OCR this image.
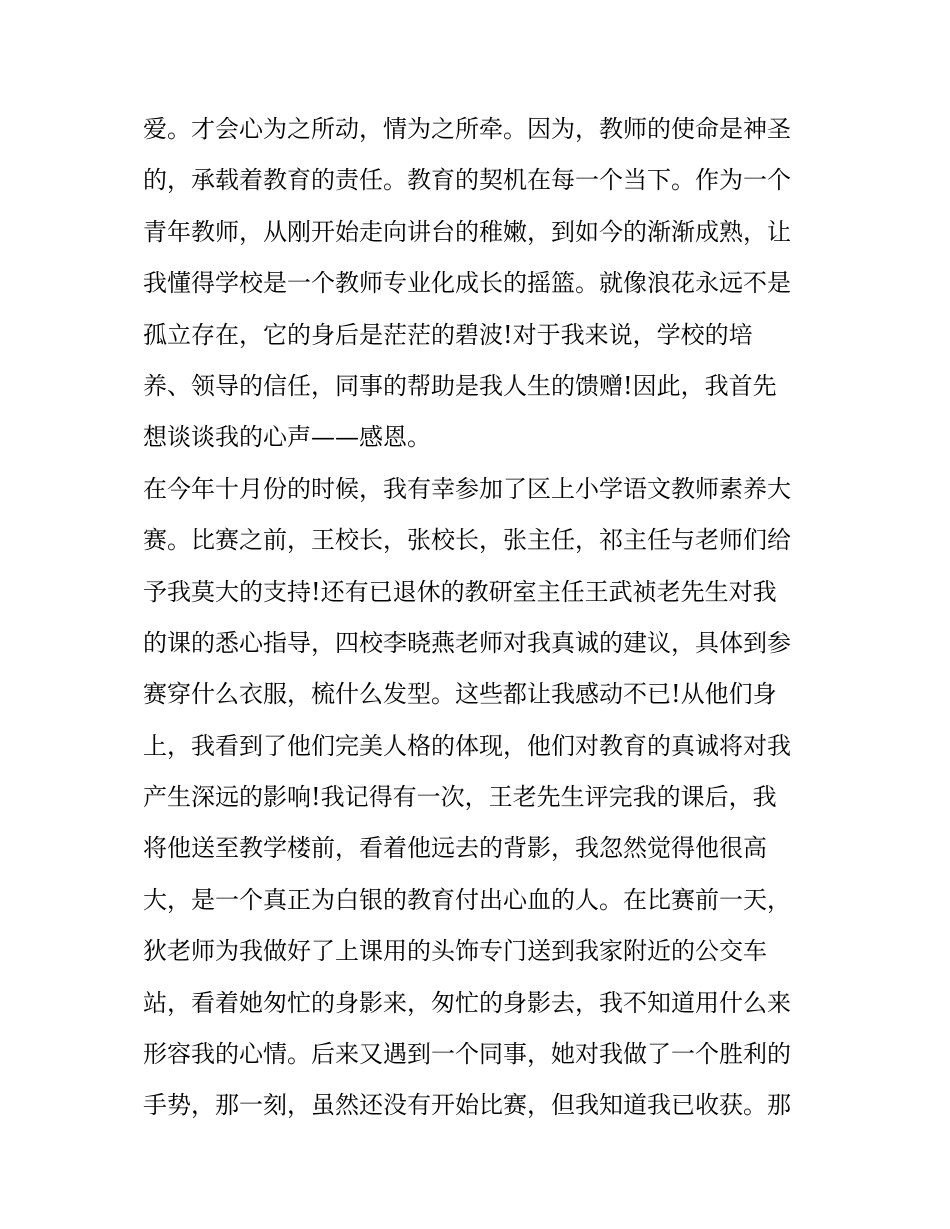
爱。才会心为之所动，情为之所牵。因为，教师的使命是神圣
的，承载着教育的责任。教育的契机在每一个当下。作为一个
青年教师，从刚开始走向讲台的稚嫩，到如今的渐渐成熟，让
我懂得学校是一个教师专业化成长的摇篮。就像浪花永远不是
孤立存在，它的身后是茫茫的碧波!对于我来说，学校的培
养、领导的信任，同事的帮助是我人生的馈赠!因此，我首先
想谈谈我的心声——感恩。
在今年十月份的时候，我有幸参加了区上小学语文教师素养大
赛。比赛之前，王校长，张校长，张主任，祁主任与老师们给
予我莫大的支持!还有已退休的教研室主任王武祯老先生对我
的课的悉心指导，四校李晓燕老师对我真诚的建议，具体到参
赛穿什么衣服，梳什么发型。这些都让我感动不已!从他们身
上，我看到了他们完美人格的体现，他们对教育的真诚将对我
产生深远的影响!我记得有一次，王老先生评完我的课后，我
将他送至教学楼前，看着他远去的背影，我忽然觉得他很高
大，是一个真正为白银的教育付出心血的人。在比赛前一天，
狄老师为我做好了上课用的头饰专门送到我家附近的公交车
站，看着她匆忙的身影来，匆忙的身影去，我不知道用什么来
形容我的心情。后来又遇到一个同事，她对我做了一个胜利的
手势，那一刻，虽然还没有开始比赛，但我知道我已收获。那
